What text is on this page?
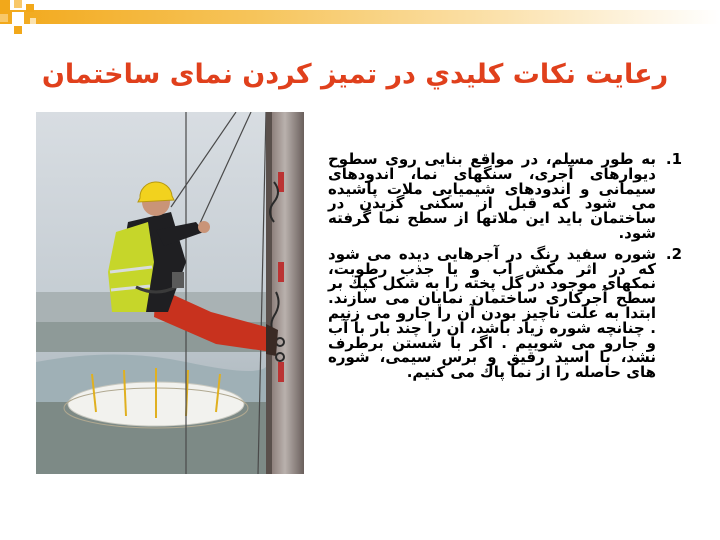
رعايت نكات كليدي در تميز كردن نماى ساختمان
1.
به طور مسلم، در مواقع بنايى روى سطوح ديوارهاى آجرى، سنگهاى نما، اندودهاى سيمانى و اندودهاى شيميايى ملات پاشيده مى شود كه قبل از سكنى گزيدن در ساختمان بايد اين ملاتها از سطح نما گرفته شود.
2.
شوره سفيد رنگ در آجرهايى ديده مى شود كه در اثر مكش آب و يا جذب رطوبت، نمكهاى موجود در گل پخته را به شكل كپك بر سطح آجركارى ساختمان نمايان مى سازند. ابتدا به علت ناچيز بودن آن را جارو مى زنيم . چنانچه شوره زياد باشد، آن را چند بار با آب و جارو مى شوييم . اگر با شستن برطرف نشد، با اسيد رقيق و برس سيمى، شوره هاى حاصله را از نما پاك مى كنيم.
